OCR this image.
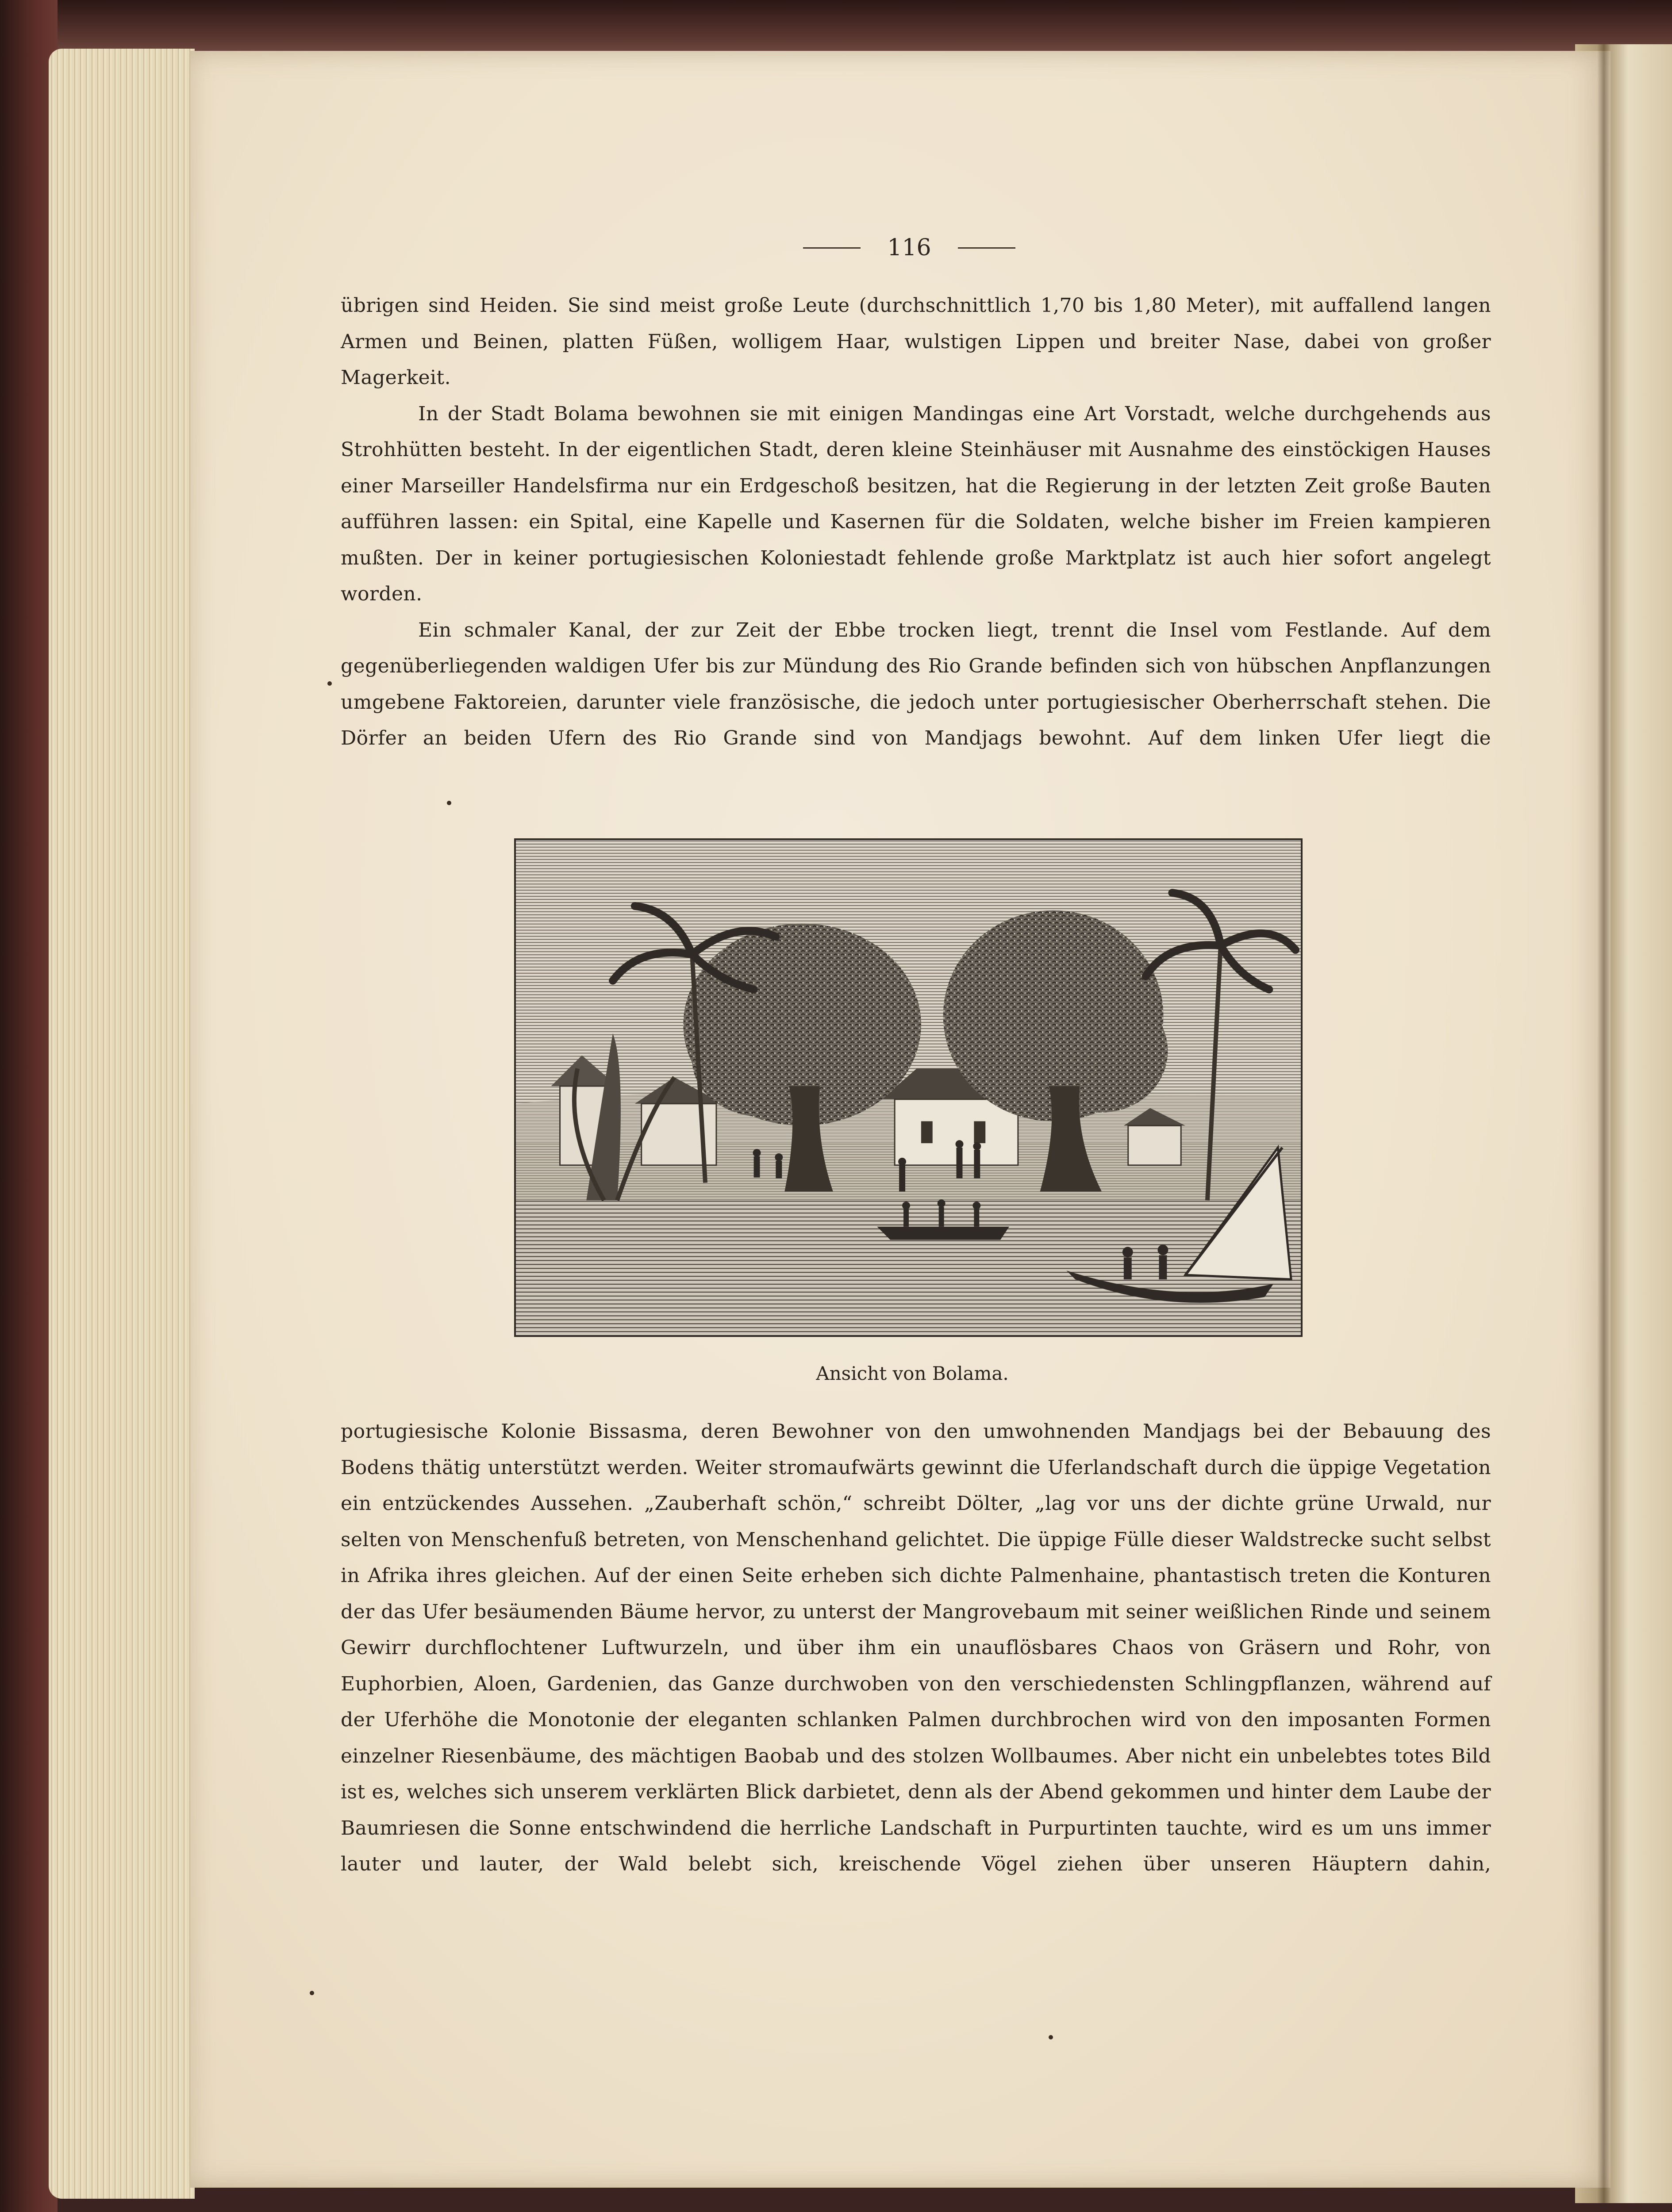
116

übrigen sind Heiden. Sie sind meist große Leute (durchschnittlich 1,70 bis 1,80 Meter), mit auffallend langen Armen und Beinen, platten Füßen, wolligem Haar, wulstigen Lippen und breiter Nase, dabei von großer Magerkeit.

In der Stadt Bolama bewohnen sie mit einigen Mandingas eine Art Vorstadt, welche durchgehends aus Strohhütten besteht. In der eigentlichen Stadt, deren kleine Steinhäuser mit Ausnahme des einstöckigen Hauses einer Marseiller Handelsfirma nur ein Erdgeschoß besitzen, hat die Regierung in der letzten Zeit große Bauten aufführen lassen: ein Spital, eine Kapelle und Kasernen für die Soldaten, welche bisher im Freien kampieren mußten. Der in keiner portugiesischen Koloniestadt fehlende große Marktplatz ist auch hier sofort angelegt worden.

Ein schmaler Kanal, der zur Zeit der Ebbe trocken liegt, trennt die Insel vom Festlande. Auf dem gegenüberliegenden waldigen Ufer bis zur Mündung des Rio Grande befinden sich von hübschen Anpflanzungen umgebene Faktoreien, darunter viele französische, die jedoch unter portugiesischer Oberherrschaft stehen. Die Dörfer an beiden Ufern des Rio Grande sind von Mandjags bewohnt. Auf dem linken Ufer liegt die

Ansicht von Bolama.

portugiesische Kolonie Bissasma, deren Bewohner von den umwohnenden Mandjags bei der Bebauung des Bodens thätig unterstützt werden. Weiter stromaufwärts gewinnt die Uferlandschaft durch die üppige Vegetation ein entzückendes Aussehen. „Zauberhaft schön,“ schreibt Dölter, „lag vor uns der dichte grüne Urwald, nur selten von Menschenfuß betreten, von Menschenhand gelichtet. Die üppige Fülle dieser Waldstrecke sucht selbst in Afrika ihres gleichen. Auf der einen Seite erheben sich dichte Palmenhaine, phantastisch treten die Konturen der das Ufer besäumenden Bäume hervor, zu unterst der Mangrovebaum mit seiner weißlichen Rinde und seinem Gewirr durchflochtener Luftwurzeln, und über ihm ein unauflösbares Chaos von Gräsern und Rohr, von Euphorbien, Aloen, Gardenien, das Ganze durchwoben von den verschiedensten Schlingpflanzen, während auf der Uferhöhe die Monotonie der eleganten schlanken Palmen durchbrochen wird von den imposanten Formen einzelner Riesenbäume, des mächtigen Baobab und des stolzen Wollbaumes. Aber nicht ein unbelebtes totes Bild ist es, welches sich unserem verklärten Blick darbietet, denn als der Abend gekommen und hinter dem Laube der Baumriesen die Sonne entschwindend die herrliche Landschaft in Purpurtinten tauchte, wird es um uns immer lauter und lauter, der Wald belebt sich, kreischende Vögel ziehen über unseren Häuptern dahin,
